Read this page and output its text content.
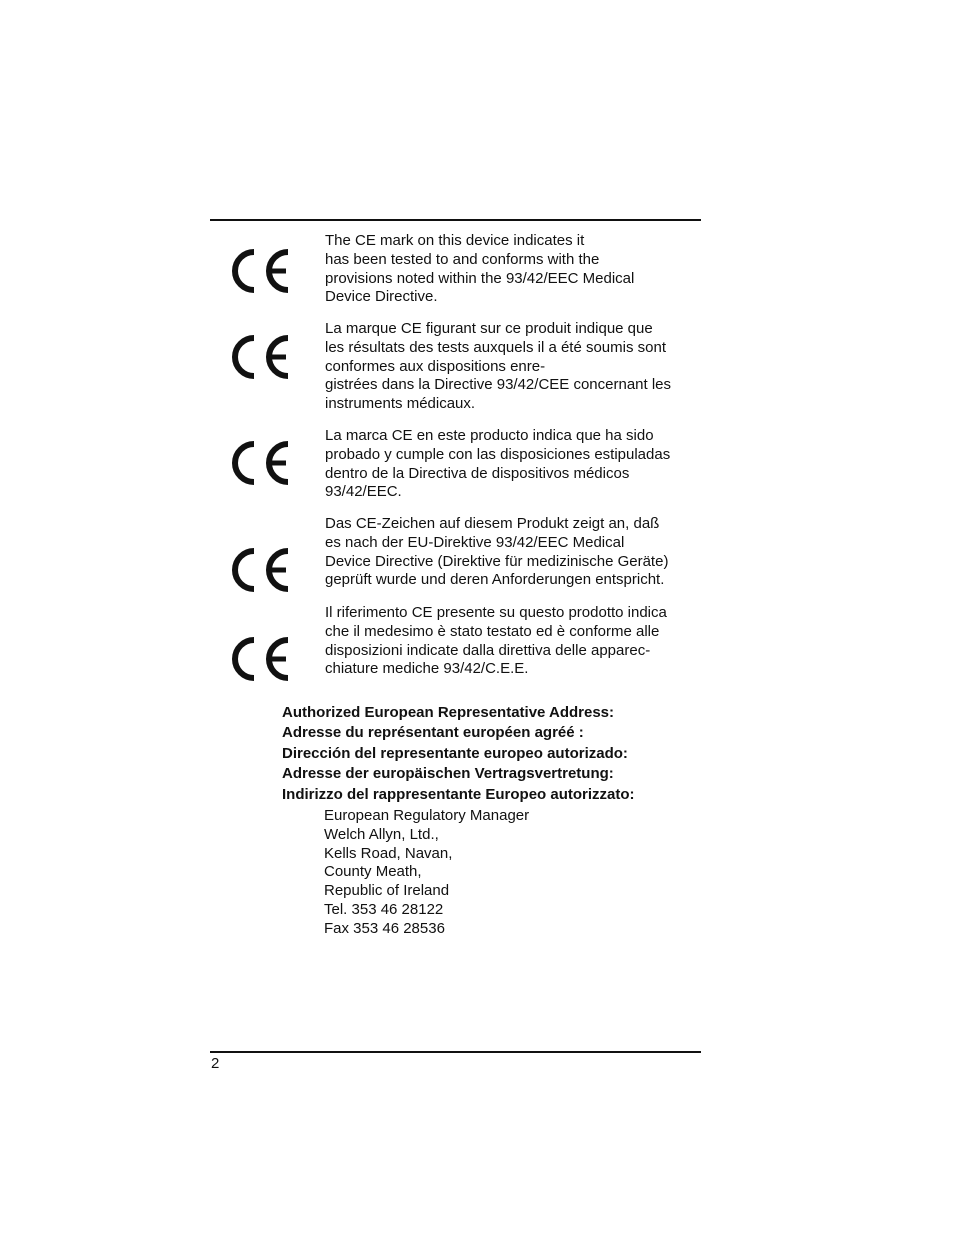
The CE mark on this device indicates it
has been tested to and conforms with the
provisions noted within the 93/42/EEC Medical
Device Directive.
La marque CE figurant sur ce produit indique que
les résultats des tests auxquels il a été soumis sont
conformes aux dispositions enre-
gistrées dans la Directive 93/42/CEE concernant les
instruments médicaux.
La marca CE en este producto indica que ha sido
probado y cumple con las disposiciones estipuladas
dentro de la Directiva de dispositivos médicos
93/42/EEC.
Das CE-Zeichen auf diesem Produkt zeigt an, daß
es nach der EU-Direktive 93/42/EEC Medical
Device Directive (Direktive für medizinische Geräte)
geprüft wurde und deren Anforderungen entspricht.
Il riferimento CE presente su questo prodotto indica
che il medesimo è stato testato ed è conforme alle
disposizioni indicate dalla direttiva delle apparec-
chiature mediche 93/42/C.E.E.
Authorized European Representative Address:
Adresse du représentant européen agréé :
Dirección del representante europeo autorizado:
Adresse der europäischen Vertragsvertretung:
Indirizzo del rappresentante Europeo autorizzato:
European Regulatory Manager
Welch Allyn, Ltd.,
Kells Road, Navan,
County Meath,
Republic of Ireland
Tel. 353 46 28122
Fax 353 46 28536
2
